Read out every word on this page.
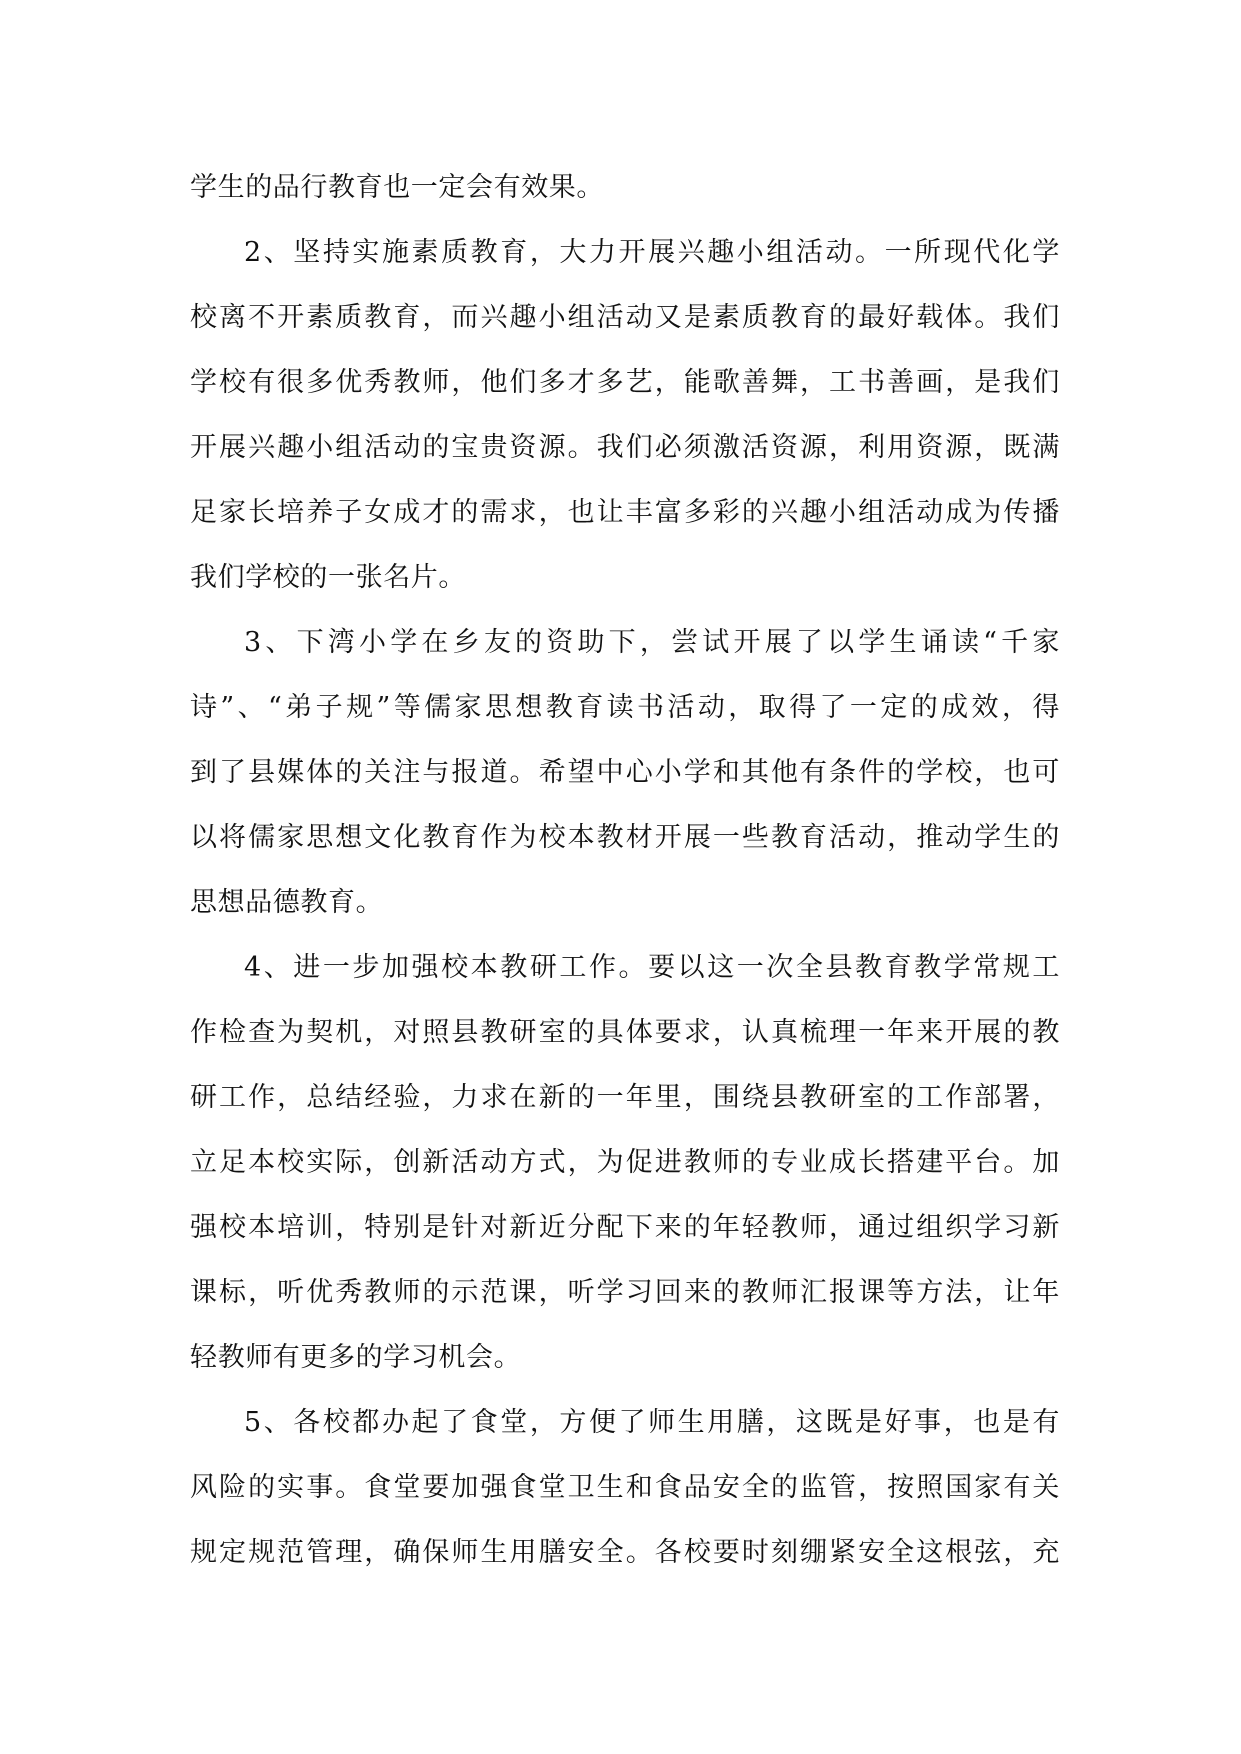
学生的品行教育也一定会有效果。
2、坚持实施素质教育，大力开展兴趣小组活动。一所现代化学
校离不开素质教育，而兴趣小组活动又是素质教育的最好载体。我们
学校有很多优秀教师，他们多才多艺，能歌善舞，工书善画，是我们
开展兴趣小组活动的宝贵资源。我们必须激活资源，利用资源，既满
足家长培养子女成才的需求，也让丰富多彩的兴趣小组活动成为传播
我们学校的一张名片。
3、下湾小学在乡友的资助下，尝试开展了以学生诵读“千家
诗”、“弟子规”等儒家思想教育读书活动，取得了一定的成效，得
到了县媒体的关注与报道。希望中心小学和其他有条件的学校，也可
以将儒家思想文化教育作为校本教材开展一些教育活动，推动学生的
思想品德教育。
4、进一步加强校本教研工作。要以这一次全县教育教学常规工
作检查为契机，对照县教研室的具体要求，认真梳理一年来开展的教
研工作，总结经验，力求在新的一年里，围绕县教研室的工作部署，
立足本校实际，创新活动方式，为促进教师的专业成长搭建平台。加
强校本培训，特别是针对新近分配下来的年轻教师，通过组织学习新
课标，听优秀教师的示范课，听学习回来的教师汇报课等方法，让年
轻教师有更多的学习机会。
5、各校都办起了食堂，方便了师生用膳，这既是好事，也是有
风险的实事。食堂要加强食堂卫生和食品安全的监管，按照国家有关
规定规范管理，确保师生用膳安全。各校要时刻绷紧安全这根弦，充
